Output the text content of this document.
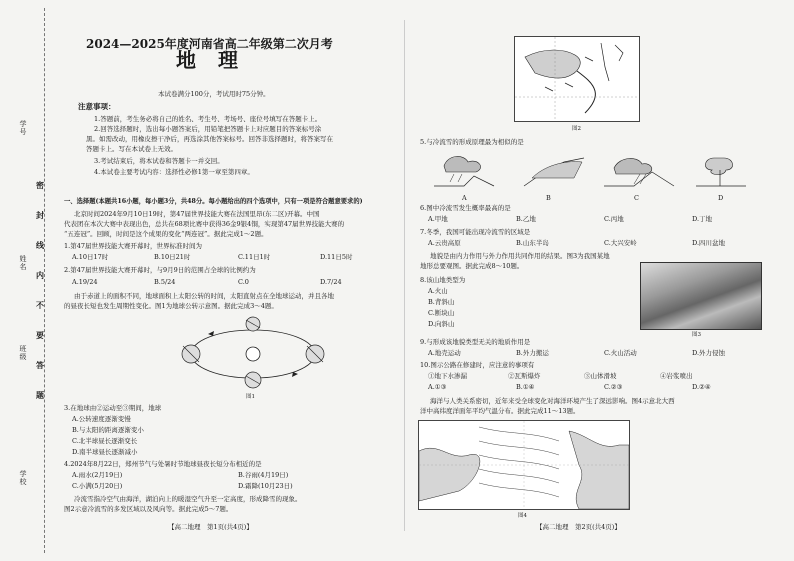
学号
姓名
班级
学校
密
封
线
内
不
要
答
题
2024—2025年度河南省高二年级第二次月考
地理
本试卷满分100分，考试用时75分钟。
注意事项：
1.答题前，考生务必将自己的姓名、考生号、考场号、座位号填写在答题卡上。
2.回答选择题时，选出每小题答案后，用铅笔把答题卡上对应题目的答案标号涂
黑。如需改动，用橡皮擦干净后，再选涂其他答案标号。回答非选择题时，将答案写在
答题卡上。写在本试卷上无效。
3.考试结束后，将本试卷和答题卡一并交回。
4.本试卷主要考试内容：选择性必修1第一章至第四章。
一、选择题(本题共16小题，每小题3分，共48分。每小题给出的四个选项中，只有一项是符合题意要求的)
北京时间2024年9月10日19时，第47届世界技能大赛在法国里昂(东二区)开幕。中国
代表团在本次大赛中表现出色，总共在68项比赛中获得36金9银4铜，实现第47届世界技能大赛的
“五连冠”。回顾，时间是这个成果的变化“两连冠”。据此完成1～2题。
1.第47届世界技能大赛开幕时，世界标准时间为
A.10日17时	B.10日21时	C.11日1时	D.11日5时
2.第47届世界技能大赛开幕时，与9月9日的范围占全球的比例约为
A.19/24	B.5/24	C.0	D.7/24
由于赤道上的面积不同，地球面积上太阳公转的时间，太阳直射点在全地球运动，并且各地
的昼夜长短也发生周期性变化。图1为地球公转示意图。据此完成3～4题。
图1
3.在地球由②运动至③期间，地球
A.公转速度逐渐变慢
B.与太阳的距离逐渐变小
C.北半球昼长逐渐变长
D.南半球昼长逐渐减小
4.2024年8月22日，郑州节气与处暑时节地球昼夜长短分布相近的是
A.雨水(2月19日)	B.谷雨(4月19日)
C.小满(5月20日)	D.霜降(10月23日)
冷流雪指冷空气由海洋，湖泊向上的暖湿空气升至一定高度，形成降雪的现象。
图2示意冷流雪的多发区域以及风向等。据此完成5～7题。
【高二地理　第1页(共4页)】
图2
5.与冷流雪的形成原理最为相似的是
A	B	C	D
6.图中冷流雪发生概率最高的是
A.甲地	B.乙地	C.丙地	D.丁地
7.冬季，我国可能出现冷流雪的区域是
A.云贵高原	B.山东半岛	C.大兴安岭	D.四川盆地
地貌是由内力作用与外力作用共同作用的结果。图3为我国某地
地形总要观图。据此完成8～10题。
图3
8.该山地类型为
A.火山
B.背斜山
C.断块山
D.向斜山
9.与形成该地貌类型无关的地质作用是
A.地壳运动	B.外力搬运	C.火山活动	D.外力侵蚀
10.图示公路在修建时，应注意的事项有
①地下水渗漏	②瓦斯爆炸	③山体滑坡	④岩浆喷出
A.①③	B.①④	C.②③	D.②④
海洋与人类关系密切，近年来受全球变化对海洋环境产生了深远影响。图4示意北大西
洋中高纬度洋面年平均气温分布。据此完成11～13题。
图4
【高二地理　第2页(共4页)】
